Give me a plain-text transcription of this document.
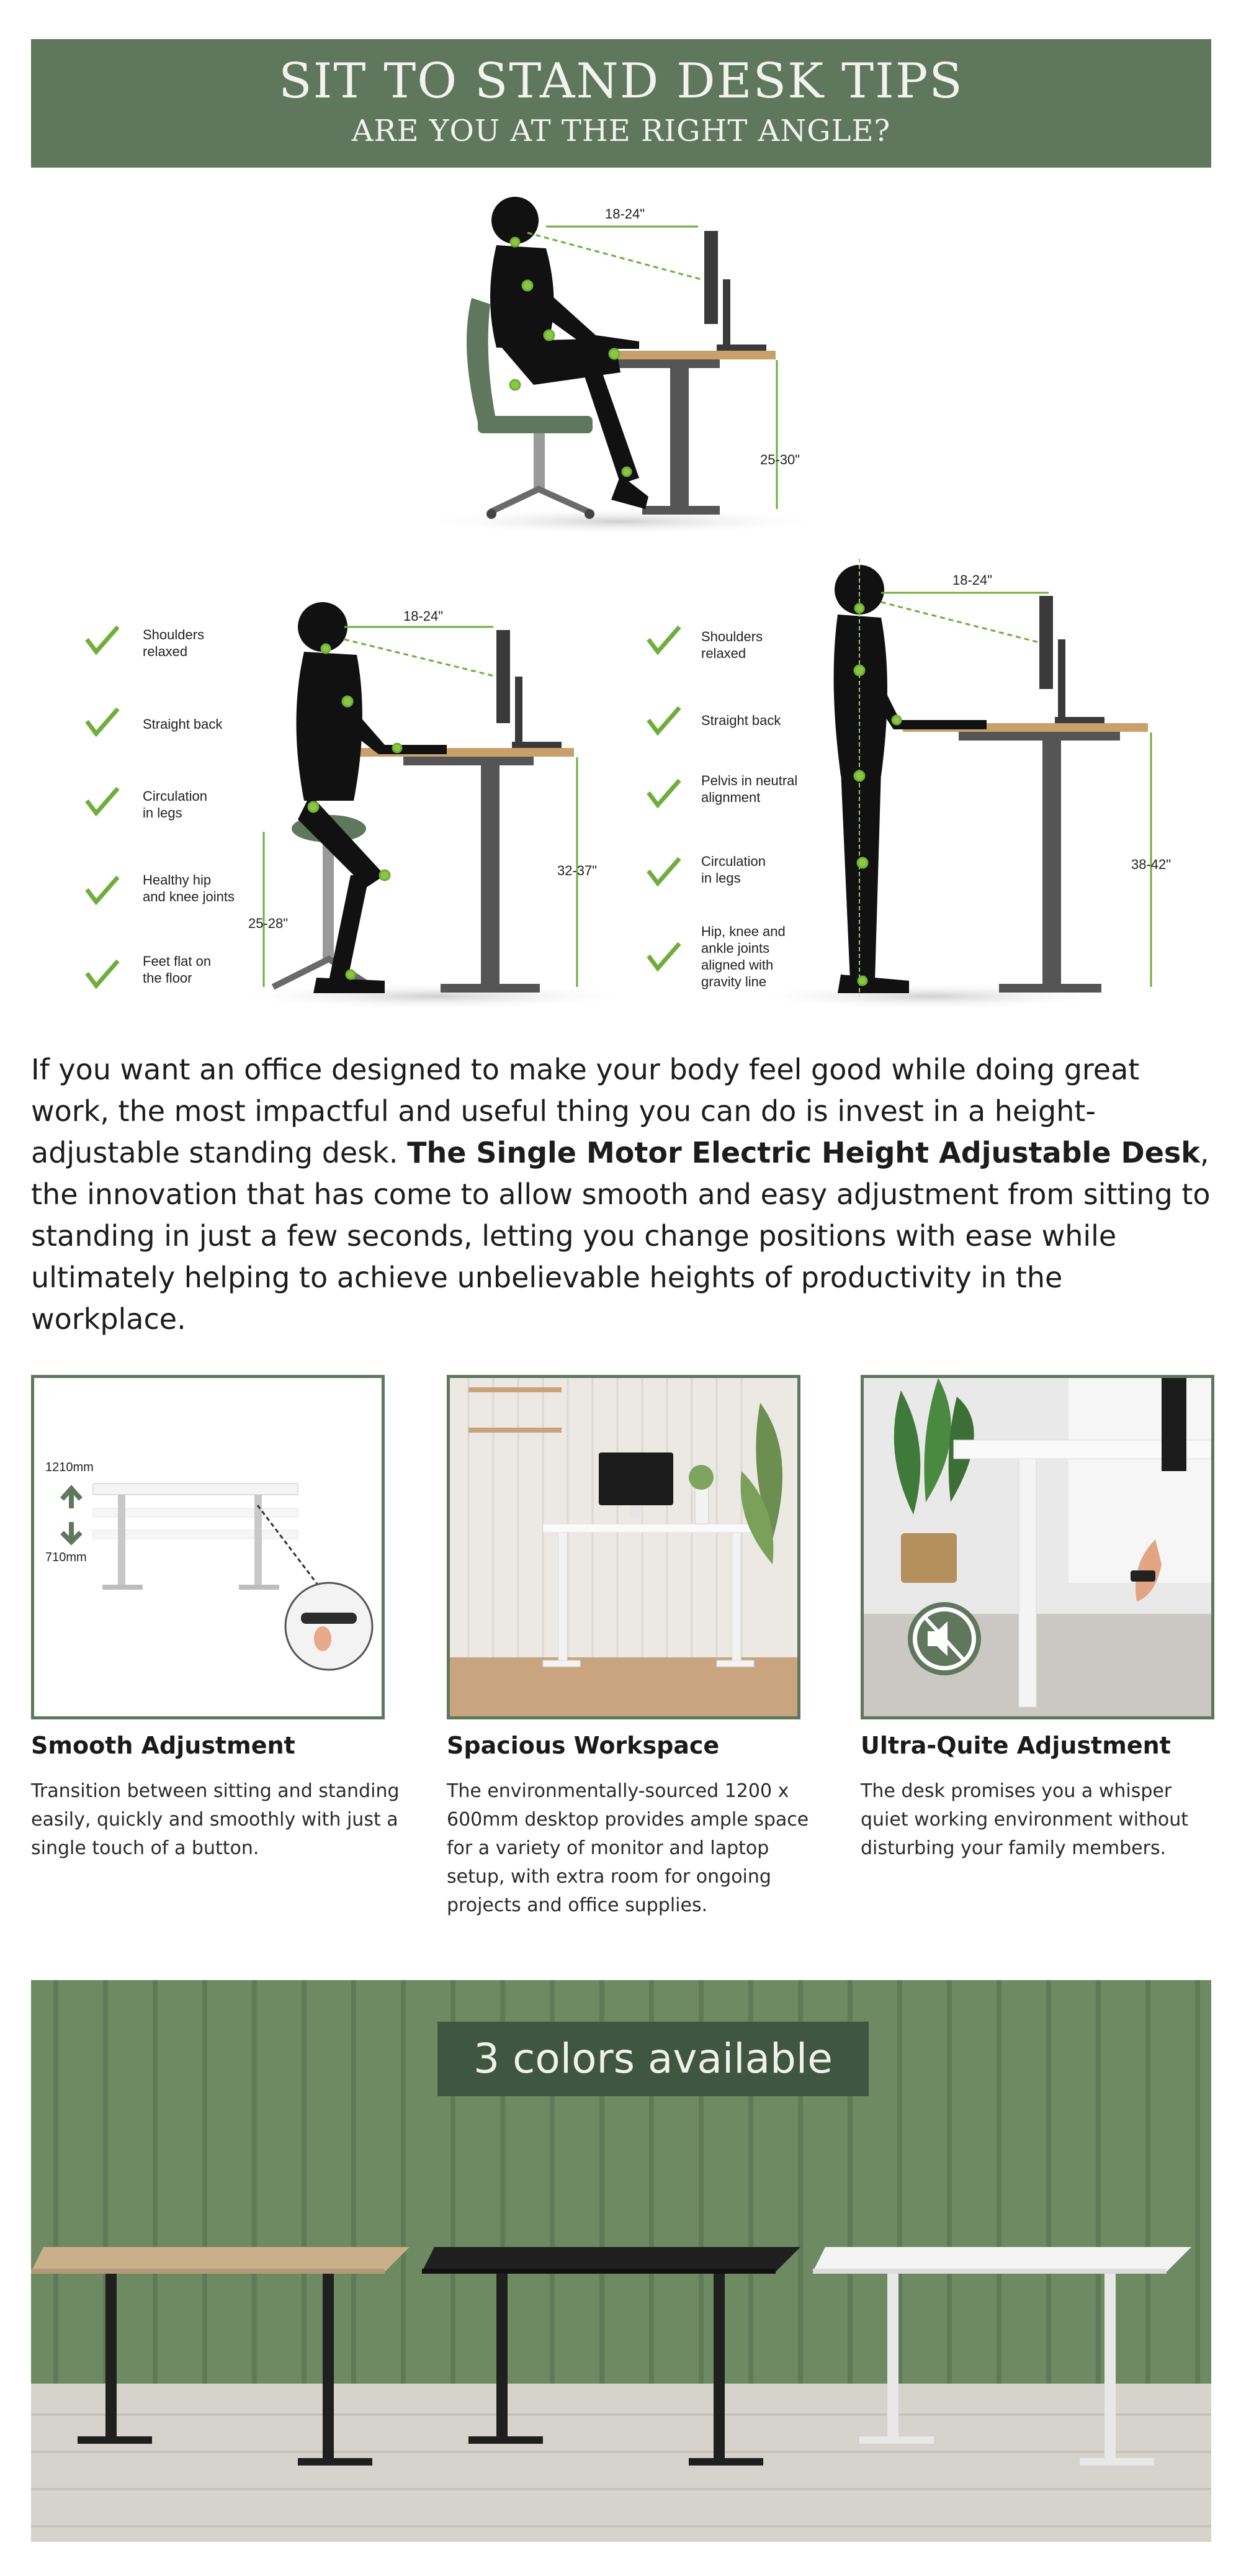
SIT TO STAND DESK TIPS
ARE YOU AT THE RIGHT ANGLE?
18-24"
25-30"
18-24"
32-37"
25-28"
Shoulders
relaxed
Straight back
Circulation
in legs
Healthy hip
and knee joints
Feet flat on
the floor
18-24"
38-42"
Shoulders
relaxed
Straight back
Pelvis in neutral
alignment
Circulation
in legs
Hip, knee and
ankle joints
aligned with
gravity line
If you want an office designed to make your body feel good while doing great work, the most impactful and useful thing you can do is invest in a height-adjustable standing desk. The Single Motor Electric Height Adjustable Desk, the innovation that has come to allow smooth and easy adjustment from sitting to standing in just a few seconds, letting you change positions with ease while ultimately helping to achieve unbelievable heights of productivity in the workplace.
1210mm
710mm
Smooth Adjustment
Transition between sitting and standing easily, quickly and smoothly with just a single touch of a button.
Spacious Workspace
The environmentally-sourced 1200 x 600mm desktop provides ample space for a variety of monitor and laptop setup, with extra room for ongoing projects and office supplies.
Ultra-Quite Adjustment
The desk promises you a whisper quiet working environment without disturbing your family members.
3 colors available
